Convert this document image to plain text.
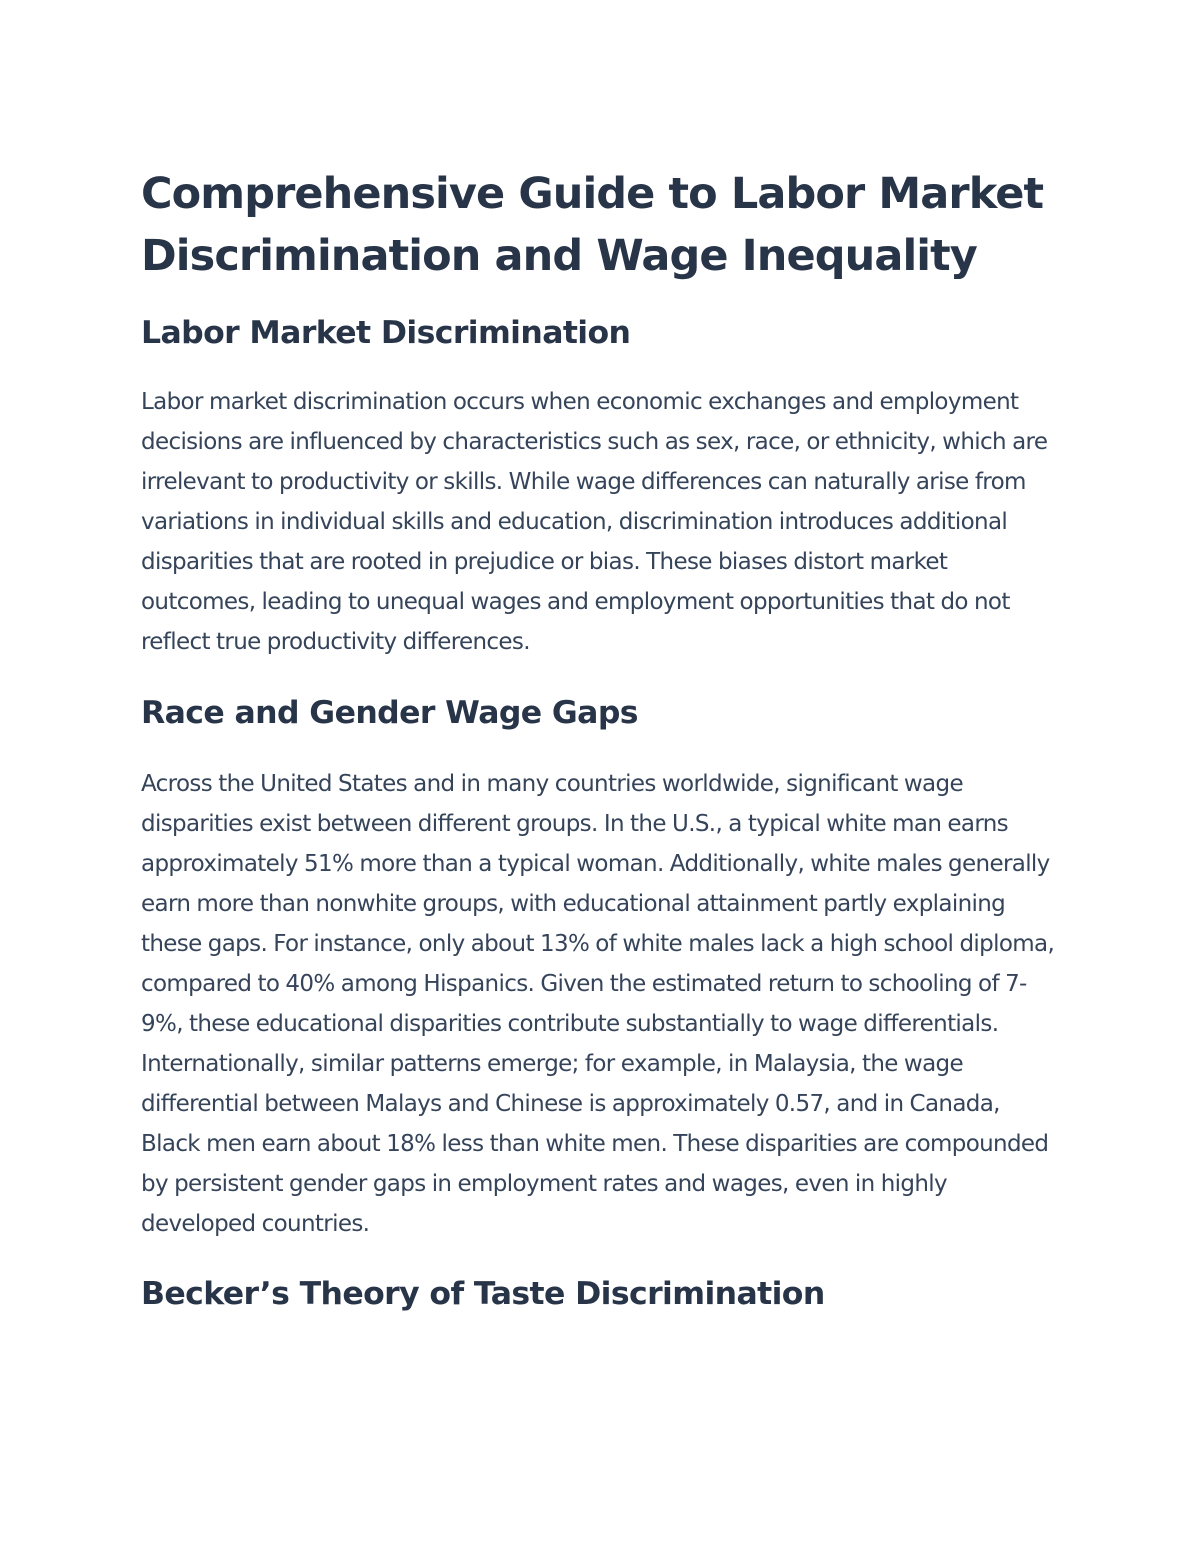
Comprehensive Guide to Labor Market Discrimination and Wage Inequality
Labor Market Discrimination

Labor market discrimination occurs when economic exchanges and employment decisions are influenced by characteristics such as sex, race, or ethnicity, which are irrelevant to productivity or skills. While wage differences can naturally arise from variations in individual skills and education, discrimination introduces additional disparities that are rooted in prejudice or bias. These biases distort market outcomes, leading to unequal wages and employment opportunities that do not reflect true productivity differences.

Race and Gender Wage Gaps

Across the United States and in many countries worldwide, significant wage disparities exist between different groups. In the U.S., a typical white man earns approximately 51% more than a typical woman. Additionally, white males generally earn more than nonwhite groups, with educational attainment partly explaining these gaps. For instance, only about 13% of white males lack a high school diploma, compared to 40% among Hispanics. Given the estimated return to schooling of 7-9%, these educational disparities contribute substantially to wage differentials. Internationally, similar patterns emerge; for example, in Malaysia, the wage differential between Malays and Chinese is approximately 0.57, and in Canada, Black men earn about 18% less than white men. These disparities are compounded by persistent gender gaps in employment rates and wages, even in highly developed countries.

Becker’s Theory of Taste Discrimination
